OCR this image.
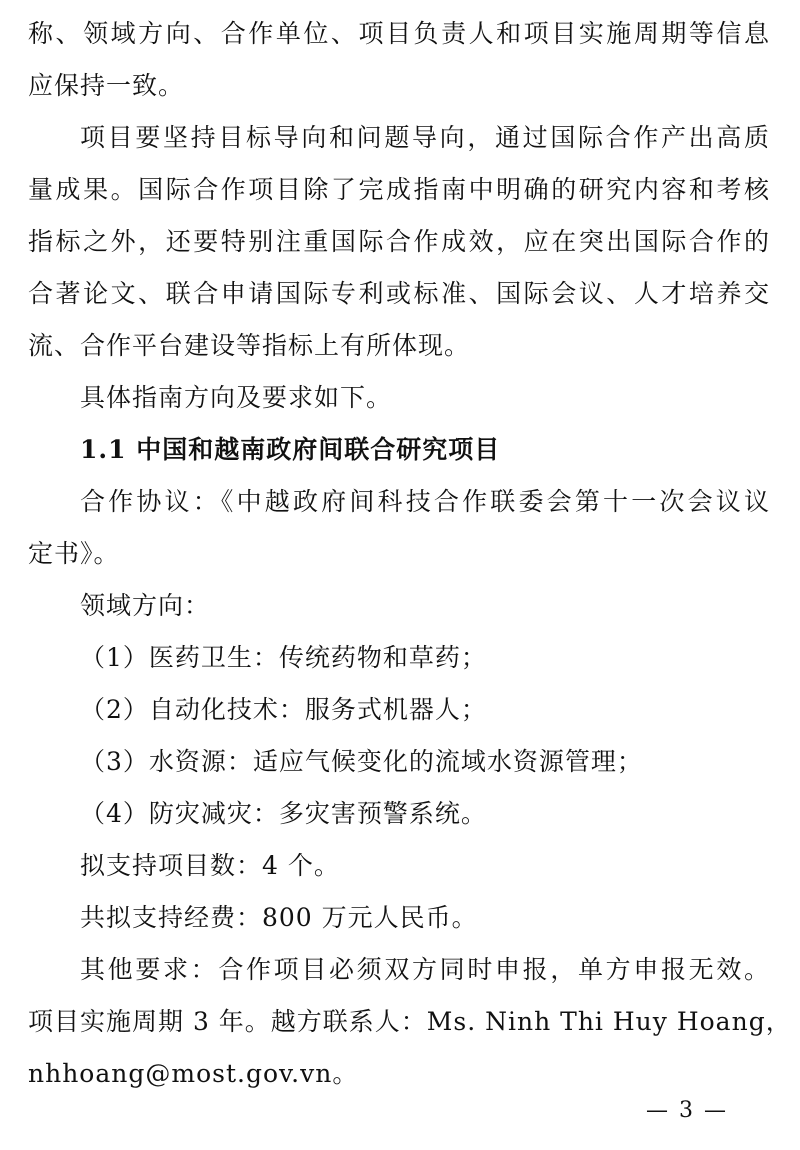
称、领域方向、合作单位、项目负责人和项目实施周期等信息
应保持一致。
项目要坚持目标导向和问题导向，通过国际合作产出高质
量成果。国际合作项目除了完成指南中明确的研究内容和考核
指标之外，还要特别注重国际合作成效，应在突出国际合作的
合著论文、联合申请国际专利或标准、国际会议、人才培养交
流、合作平台建设等指标上有所体现。
具体指南方向及要求如下。
1.1 中国和越南政府间联合研究项目
合作协议：《中越政府间科技合作联委会第十一次会议议
定书》。
领域方向：
（1）医药卫生：传统药物和草药；
（2）自动化技术：服务式机器人；
（3）水资源：适应气候变化的流域水资源管理；
（4）防灾减灾：多灾害预警系统。
拟支持项目数：4 个。
共拟支持经费：800 万元人民币。
其他要求：合作项目必须双方同时申报，单方申报无效。
项目实施周期 3 年。越方联系人：Ms. Ninh Thi Huy Hoang，
nhhoang@most.gov.vn。
— 3 —
